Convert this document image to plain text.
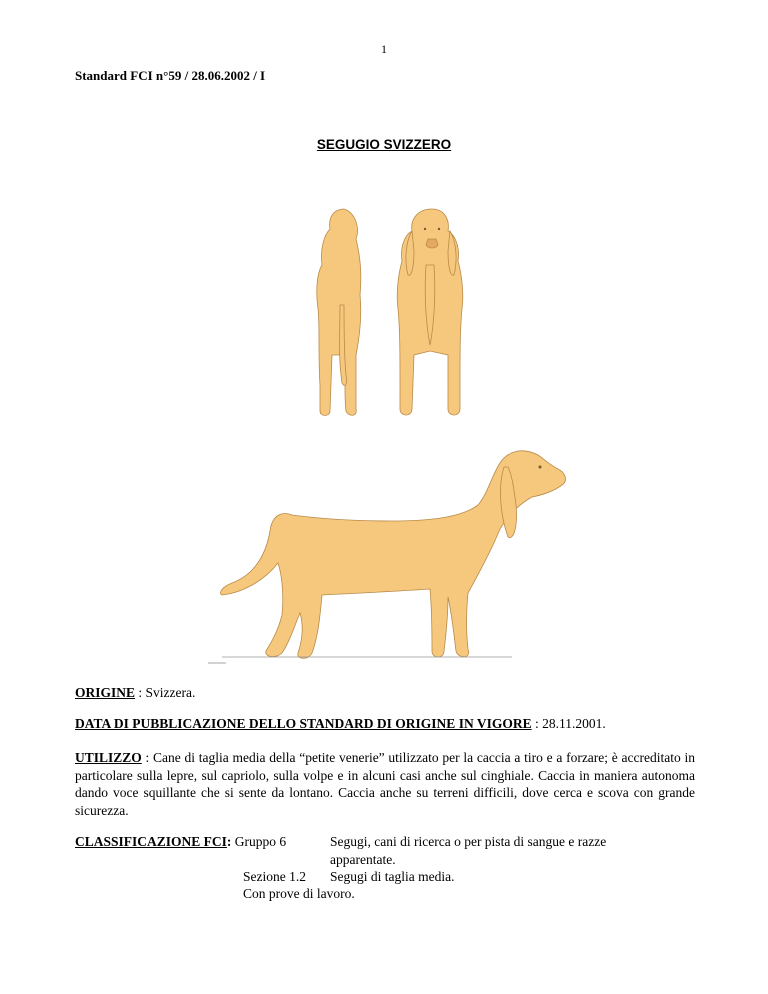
1
Standard FCI n°59 / 28.06.2002 / I
SEGUGIO SVIZZERO
ORIGINE : Svizzera.
DATA DI PUBBLICAZIONE DELLO STANDARD DI ORIGINE IN VIGORE : 28.11.2001.
UTILIZZO : Cane di taglia media della “petite venerie” utilizzato per la caccia a tiro e a forzare; è accreditato in particolare sulla lepre, sul capriolo, sulla volpe e in alcuni casi anche sul cinghiale. Caccia in maniera autonoma dando voce squillante che si sente da lontano. Caccia anche su terreni difficili, dove cerca e scova con grande sicurezza.
CLASSIFICAZIONE FCI: Gruppo 6	Segugi, cani di ricerca o per pista di sangue e razze
apparentate.
Sezione 1.2 Segugi di taglia media.
Con prove di lavoro.
